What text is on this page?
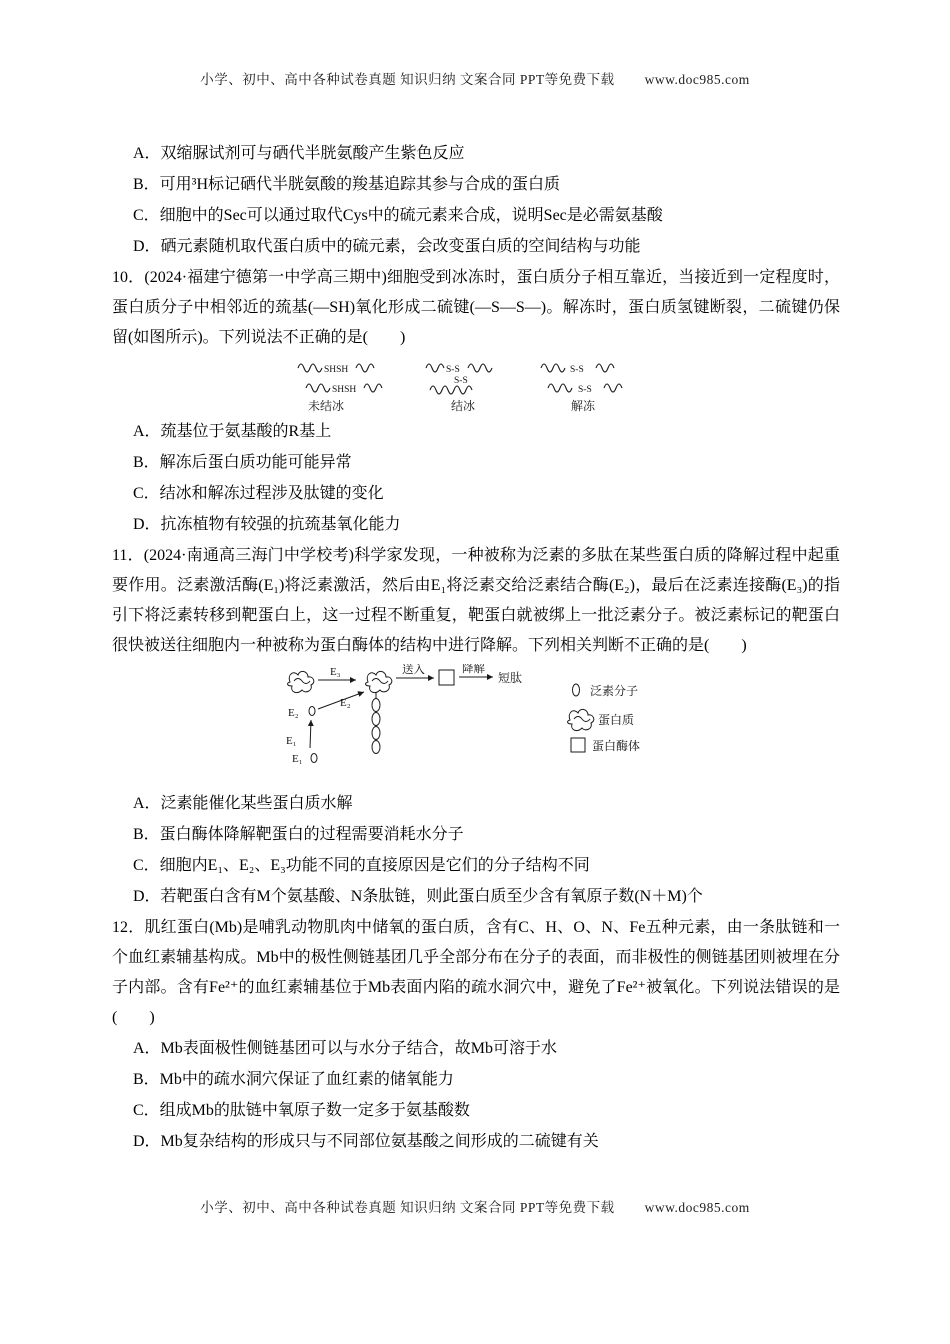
小学、初中、高中各种试卷真题 知识归纳 文案合同 PPT等免费下载 www.doc985.com

A．双缩脲试剂可与硒代半胱氨酸产生紫色反应

B．可用³H标记硒代半胱氨酸的羧基追踪其参与合成的蛋白质

C．细胞中的Sec可以通过取代Cys中的硫元素来合成，说明Sec是必需氨基酸

D．硒元素随机取代蛋白质中的硫元素，会改变蛋白质的空间结构与功能

10．(2024·福建宁德第一中学高三期中)细胞受到冰冻时，蛋白质分子相互靠近，当接近到一定程度时，蛋白质分子中相邻近的巯基(—SH)氧化形成二硫键(—S—S—)。解冻时，蛋白质氢键断裂，二硫键仍保留(如图所示)。下列说法不正确的是(　　)

SHSH
SHSH
未结冰
S-S
S-S
结冰
S-S
S-S
解冻

A．巯基位于氨基酸的R基上

B．解冻后蛋白质功能可能异常

C．结冰和解冻过程涉及肽键的变化

D．抗冻植物有较强的抗巯基氧化能力

11．(2024·南通高三海门中学校考)科学家发现，一种被称为泛素的多肽在某些蛋白质的降解过程中起重要作用。泛素激活酶(E₁)将泛素激活，然后由E₁将泛素交给泛素结合酶(E₂)，最后在泛素连接酶(E₃)的指引下将泛素转移到靶蛋白上，这一过程不断重复，靶蛋白就被绑上一批泛素分子。被泛素标记的靶蛋白很快被送往细胞内一种被称为蛋白酶体的结构中进行降解。下列相关判断不正确的是(　　)

E₃	送入	降解
短肽
E₂
E₂
E₁
E₁
泛素分子
蛋白质
蛋白酶体

A．泛素能催化某些蛋白质水解

B．蛋白酶体降解靶蛋白的过程需要消耗水分子

C．细胞内E₁、E₂、E₃功能不同的直接原因是它们的分子结构不同

D．若靶蛋白含有M个氨基酸、N条肽链，则此蛋白质至少含有氧原子数(N＋M)个

12．肌红蛋白(Mb)是哺乳动物肌肉中储氧的蛋白质，含有C、H、O、N、Fe五种元素，由一条肽链和一个血红素辅基构成。Mb中的极性侧链基团几乎全部分布在分子的表面，而非极性的侧链基团则被埋在分子内部。含有Fe²⁺的血红素辅基位于Mb表面内陷的疏水洞穴中，避免了Fe²⁺被氧化。下列说法错误的是(　　)

A．Mb表面极性侧链基团可以与水分子结合，故Mb可溶于水

B．Mb中的疏水洞穴保证了血红素的储氧能力

C．组成Mb的肽链中氧原子数一定多于氨基酸数

D．Mb复杂结构的形成只与不同部位氨基酸之间形成的二硫键有关

小学、初中、高中各种试卷真题 知识归纳 文案合同 PPT等免费下载 www.doc985.com
